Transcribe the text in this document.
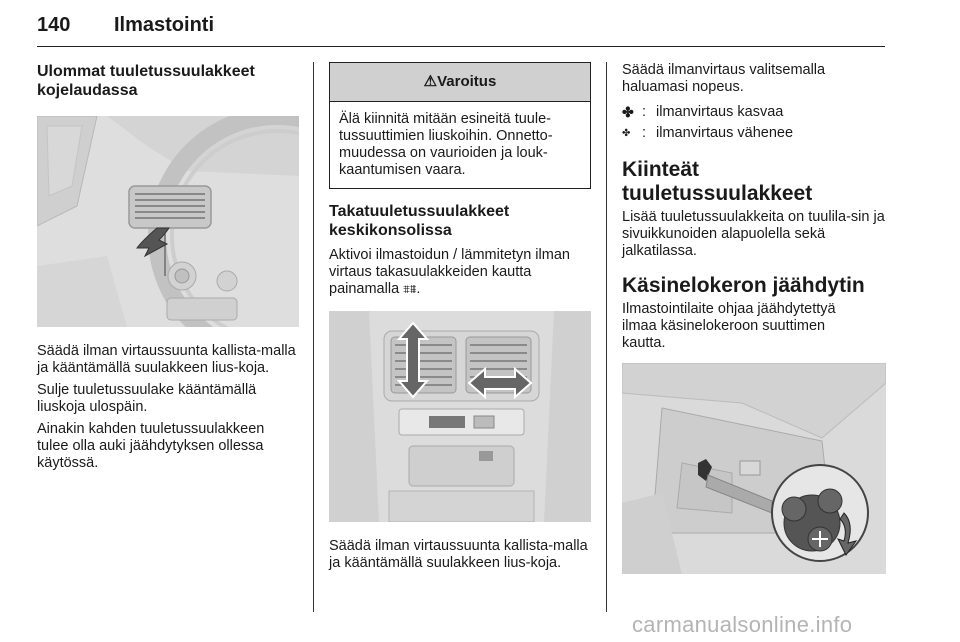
140 Ilmastointi

Ulommat tuuletussuulakkeet kojelaudassa

Säädä ilman virtaussuunta kallista-malla ja kääntämällä suulakkeen lius-koja.

Sulje tuuletussuulake kääntämällä liuskoja ulospäin.

Ainakin kahden tuuletussuulakkeen tulee olla auki jäähdytyksen ollessa käytössä.

⚠Varoitus
Älä kiinnitä mitään esineitä tuule-tussuuttimien liuskoihin. Onnetto-muudessa on vaurioiden ja louk-kaantumisen vaara.

Takatuuletussuulakkeet keskikonsolissa

Aktivoi ilmastoidun / lämmitetyn ilman virtaus takasuulakkeiden kautta painamalla ⩨⩩.

Säädä ilman virtaussuunta kallista-malla ja kääntämällä suulakkeen lius-koja.

Säädä ilmanvirtaus valitsemalla haluamasi nopeus.

✤ : ilmanvirtaus kasvaa
✤ : ilmanvirtaus vähenee

Kiinteät tuuletussuulakkeet

Lisää tuuletussuulakkeita on tuulila-sin ja sivuikkunoiden alapuolella sekä jalkatilassa.

Käsinelokeron jäähdytin

Ilmastointilaite ohjaa jäähdytettyä ilmaa käsinelokeroon suuttimen kautta.

carmanualsonline.info
